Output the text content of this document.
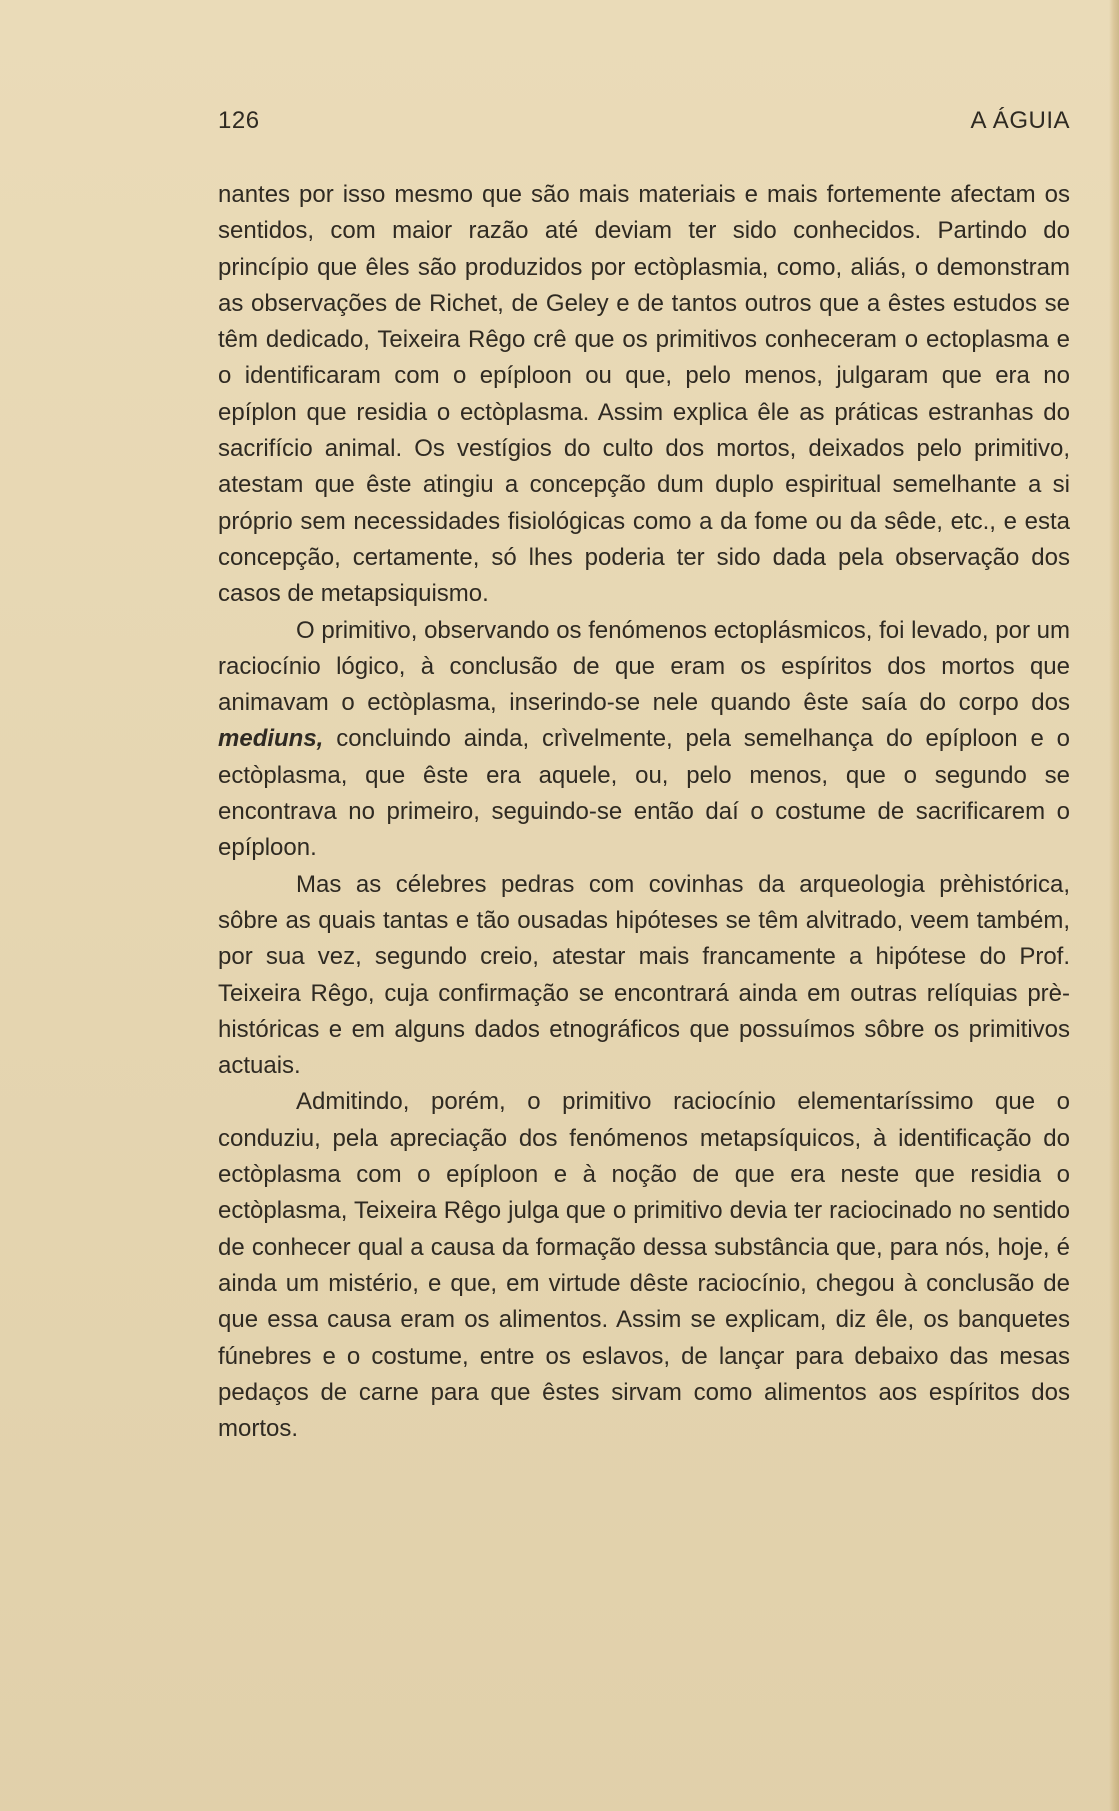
126	A ÁGUIA

nantes por isso mesmo que são mais materiais e mais fortemente afectam os sentidos, com maior razão até deviam ter sido conhecidos. Partindo do princípio que êles são produzidos por ectòplasmia, como, aliás, o demonstram as observações de Richet, de Geley e de tantos outros que a êstes estudos se têm dedicado, Teixeira Rêgo crê que os primitivos conheceram o ectoplasma e o identificaram com o epíploon ou que, pelo menos, julgaram que era no epíplon que residia o ectòplasma. Assim explica êle as práticas estranhas do sacrifício animal. Os vestígios do culto dos mortos, deixados pelo primitivo, atestam que êste atingiu a concepção dum duplo espiritual semelhante a si próprio sem necessidades fisiológicas como a da fome ou da sêde, etc., e esta concepção, certamente, só lhes poderia ter sido dada pela observação dos casos de metapsiquismo.

O primitivo, observando os fenómenos ectoplásmicos, foi levado, por um raciocínio lógico, à conclusão de que eram os espíritos dos mortos que animavam o ectòplasma, inserindo-se nele quando êste saía do corpo dos mediuns, concluindo ainda, crìvelmente, pela semelhança do epíploon e o ectòplasma, que êste era aquele, ou, pelo menos, que o segundo se encontrava no primeiro, seguindo-se então daí o costume de sacrificarem o epíploon.

Mas as célebres pedras com covinhas da arqueologia prèhistórica, sôbre as quais tantas e tão ousadas hipóteses se têm alvitrado, veem também, por sua vez, segundo creio, atestar mais francamente a hipótese do Prof. Teixeira Rêgo, cuja confirmação se encontrará ainda em outras relíquias prè-históricas e em alguns dados etnográficos que possuímos sôbre os primitivos actuais.

Admitindo, porém, o primitivo raciocínio elementaríssimo que o conduziu, pela apreciação dos fenómenos metapsíquicos, à identificação do ectòplasma com o epíploon e à noção de que era neste que residia o ectòplasma, Teixeira Rêgo julga que o primitivo devia ter raciocinado no sentido de conhecer qual a causa da formação dessa substância que, para nós, hoje, é ainda um mistério, e que, em virtude dêste raciocínio, chegou à conclusão de que essa causa eram os alimentos. Assim se explicam, diz êle, os banquetes fúnebres e o costume, entre os eslavos, de lançar para debaixo das mesas pedaços de carne para que êstes sirvam como alimentos aos espíritos dos mortos.
